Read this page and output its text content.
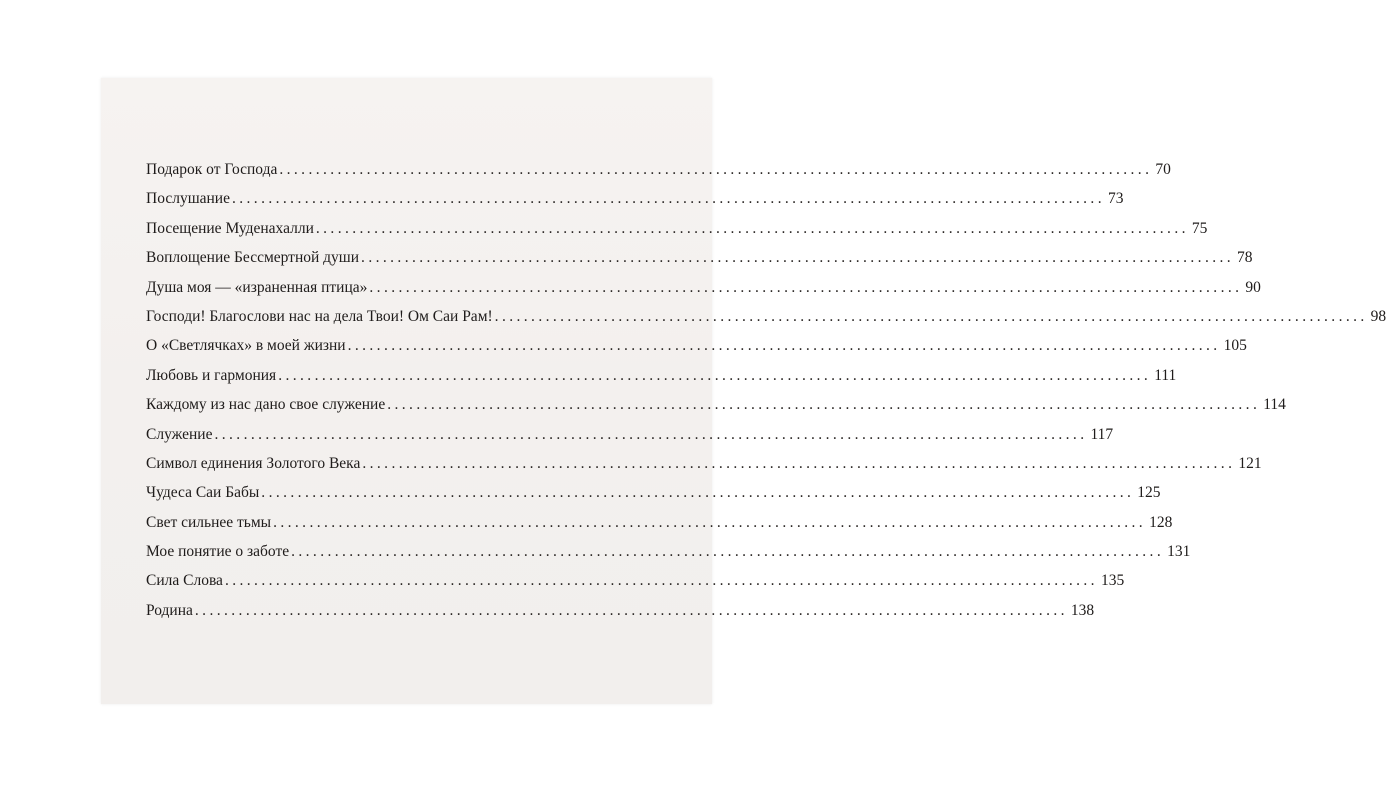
Подарок от Господа ........................................................................................................................ 70
Послушание ........................................................................................................................ 73
Посещение Муденахалли ........................................................................................................................ 75
Воплощение Бессмертной души ........................................................................................................................ 78
Душа моя — «израненная птица» ........................................................................................................................ 90
Господи! Благослови нас на дела Твои! Ом Саи Рам! ........................................................................................................................ 98
О «Светлячках» в моей жизни ........................................................................................................................ 105
Любовь и гармония ........................................................................................................................ 111
Каждому из нас дано свое служение ........................................................................................................................ 114
Служение ........................................................................................................................ 117
Символ единения Золотого Века ........................................................................................................................ 121
Чудеса Саи Бабы ........................................................................................................................ 125
Свет сильнее тьмы ........................................................................................................................ 128
Мое понятие о заботе ........................................................................................................................ 131
Сила Слова ........................................................................................................................ 135
Родина ........................................................................................................................ 138
